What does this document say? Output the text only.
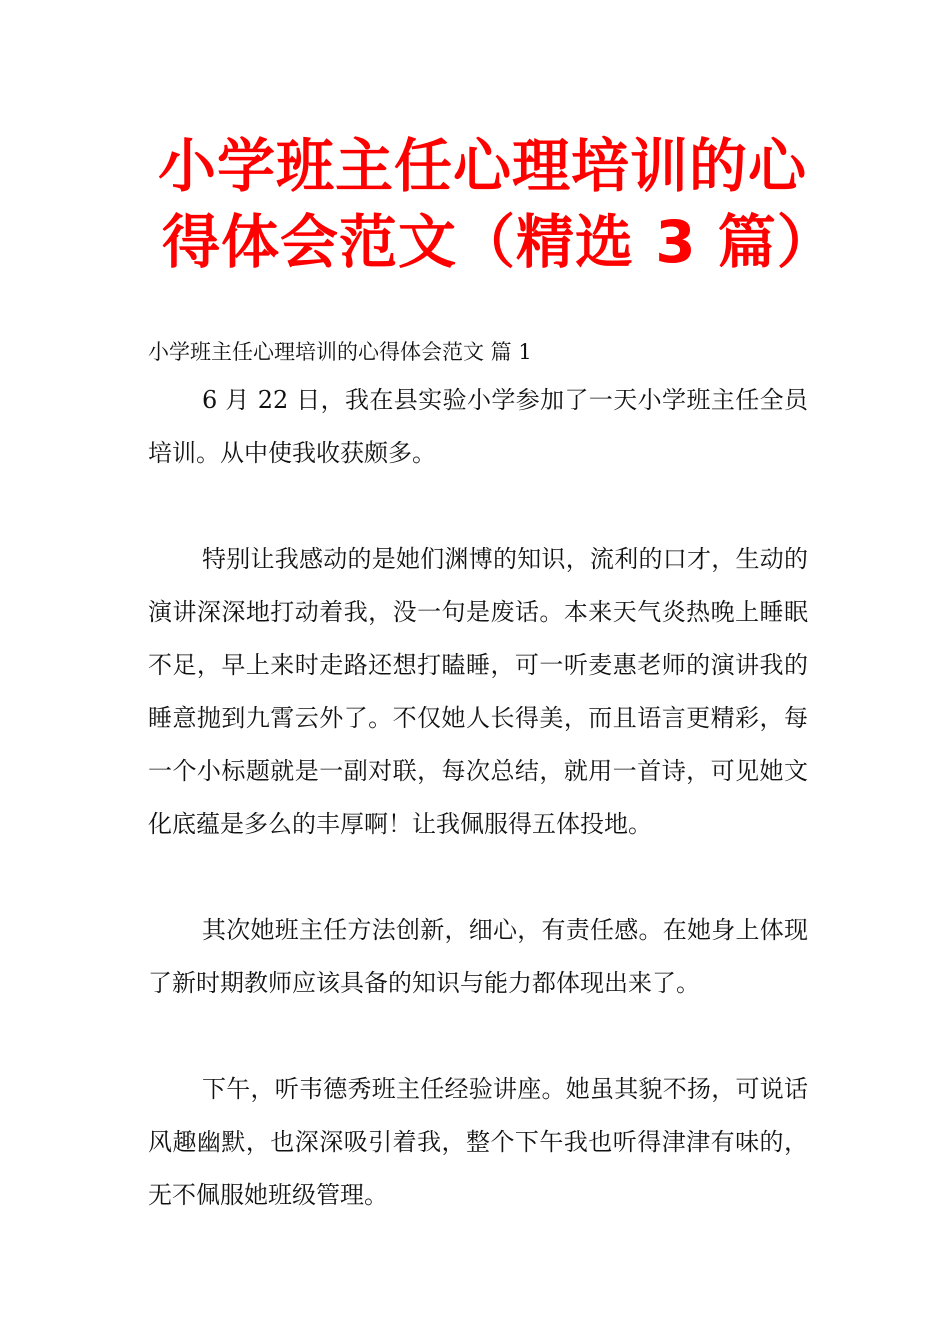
小学班主任心理培训的心
得体会范文（精选 3 篇）

小学班主任心理培训的心得体会范文 篇 1

6 月 22 日，我在县实验小学参加了一天小学班主任全员培训。从中使我收获颇多。

特别让我感动的是她们渊博的知识，流利的口才，生动的演讲深深地打动着我，没一句是废话。本来天气炎热晚上睡眠不足，早上来时走路还想打瞌睡，可一听麦惠老师的演讲我的睡意抛到九霄云外了。不仅她人长得美，而且语言更精彩，每一个小标题就是一副对联，每次总结，就用一首诗，可见她文化底蕴是多么的丰厚啊！让我佩服得五体投地。

其次她班主任方法创新，细心，有责任感。在她身上体现了新时期教师应该具备的知识与能力都体现出来了。

下午，听韦德秀班主任经验讲座。她虽其貌不扬，可说话风趣幽默，也深深吸引着我，整个下午我也听得津津有味的，无不佩服她班级管理。
